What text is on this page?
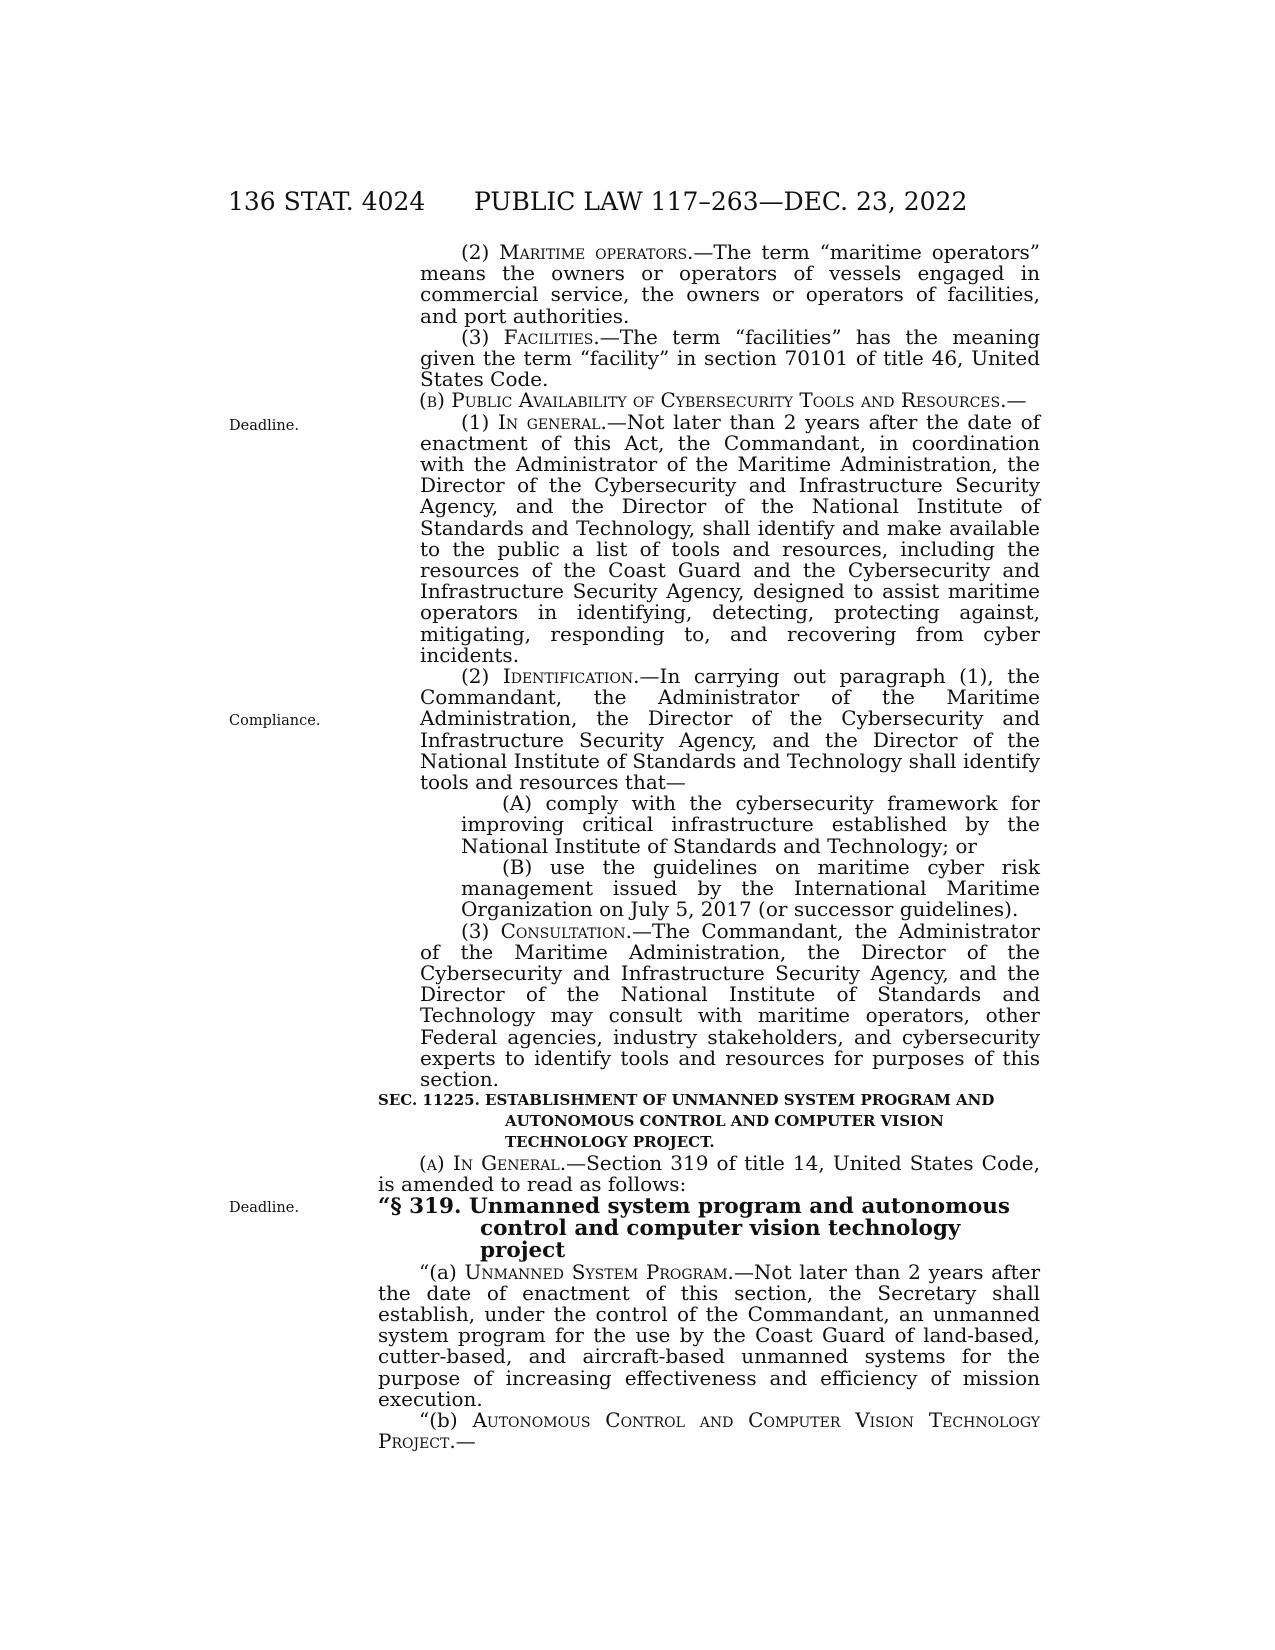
136 STAT. 4024 PUBLIC LAW 117–263—DEC. 23, 2022
Deadline.
Compliance.
Deadline.

(2) Maritime operators.—The term “maritime operators” means the owners or operators of vessels engaged in commercial service, the owners or operators of facilities, and port authorities.

(3) Facilities.—The term “facilities” has the meaning given the term “facility” in section 70101 of title 46, United States Code.

(b) Public Availability of Cybersecurity Tools and Resources.—

(1) In general.—Not later than 2 years after the date of enactment of this Act, the Commandant, in coordination with the Administrator of the Maritime Administration, the Director of the Cybersecurity and Infrastructure Security Agency, and the Director of the National Institute of Standards and Technology, shall identify and make available to the public a list of tools and resources, including the resources of the Coast Guard and the Cybersecurity and Infrastructure Security Agency, designed to assist maritime operators in identifying, detecting, protecting against, mitigating, responding to, and recovering from cyber incidents.

(2) Identification.—In carrying out paragraph (1), the Commandant, the Administrator of the Maritime Administration, the Director of the Cybersecurity and Infrastructure Security Agency, and the Director of the National Institute of Standards and Technology shall identify tools and resources that—

(A) comply with the cybersecurity framework for improving critical infrastructure established by the National Institute of Standards and Technology; or

(B) use the guidelines on maritime cyber risk management issued by the International Maritime Organization on July 5, 2017 (or successor guidelines).

(3) Consultation.—The Commandant, the Administrator of the Maritime Administration, the Director of the Cybersecurity and Infrastructure Security Agency, and the Director of the National Institute of Standards and Technology may consult with maritime operators, other Federal agencies, industry stakeholders, and cybersecurity experts to identify tools and resources for purposes of this section.

SEC. 11225. ESTABLISHMENT OF UNMANNED SYSTEM PROGRAM AND AUTONOMOUS CONTROL AND COMPUTER VISION TECHNOLOGY PROJECT.

(a) In General.—Section 319 of title 14, United States Code, is amended to read as follows:

“§ 319. Unmanned system program and autonomous control and computer vision technology project

“(a) Unmanned System Program.—Not later than 2 years after the date of enactment of this section, the Secretary shall establish, under the control of the Commandant, an unmanned system program for the use by the Coast Guard of land-based, cutter-based, and aircraft-based unmanned systems for the purpose of increasing effectiveness and efficiency of mission execution.

“(b) Autonomous Control and Computer Vision Technology Project.—
